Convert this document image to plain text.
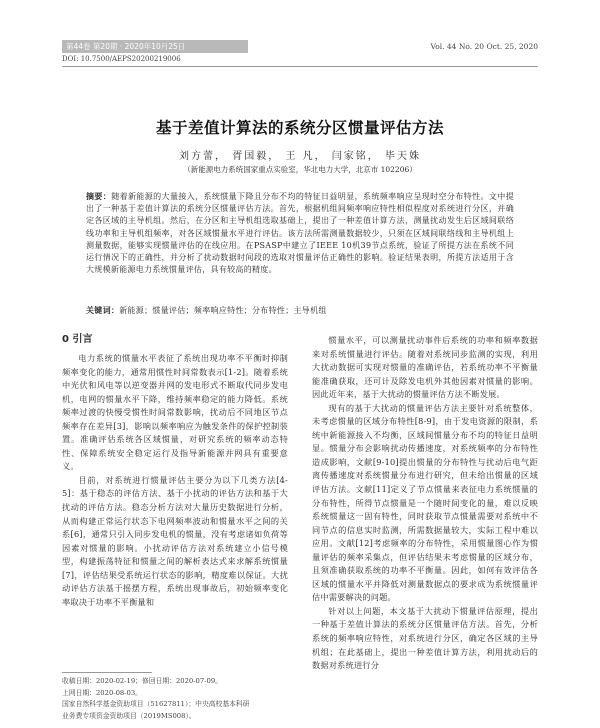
第44卷 第20期 · 2020年10月25日	Vol. 44 No. 20 Oct. 25, 2020
DOI: 10.7500/AEPS20200219006
基于差值计算法的系统分区惯量评估方法
刘方蕾， 胥国毅， 王 凡， 闫家铭， 毕天姝
（新能源电力系统国家重点实验室，华北电力大学，北京市 102206）
摘要：随着新能源的大量接入，系统惯量下降且分布不均的特征日益明显，系统频率响应呈现时空分布特性。文中提出了一种基于差值计算法的系统分区惯量评估方法。首先，根据机组间频率响应特性相似程度对系统进行分区，并确定各区域的主导机组。然后，在分区和主导机组选取基础上，提出了一种差值计算方法，测量扰动发生后区域间联络线功率和主导机组频率，对各区域惯量水平进行评估。该方法所需测量数据较少，只须在区域间联络线和主导机组上测量数据，能够实现惯量评估的在线应用。在PSASP中建立了IEEE 10机39节点系统，验证了所提方法在系统不同运行情况下的正确性，并分析了扰动数据时间段的选取对惯量评估正确性的影响。验证结果表明，所提方法适用于含大规模新能源电力系统惯量评估，具有较高的精度。
关键词：新能源；惯量评估；频率响应特性；分布特性；主导机组
0 引言

电力系统的惯量水平表征了系统出现功率不平衡时抑制频率变化的能力，通常用惯性时间常数表示[1-2]。随着系统中光伏和风电等以逆变器并网的发电形式不断取代同步发电机，电网的惯量水平下降，维持频率稳定的能力降低。系统频率过渡的快慢受惯性时间常数影响，扰动后不同地区节点频率存在差异[3]，影响以频率响应为触发条件的保护控制装置。准确评估系统各区域惯量，对研究系统的频率动态特性、保障系统安全稳定运行及指导新能源并网具有重要意义。

目前，对系统进行惯量评估主要分为以下几类方法[4-5]：基于稳态的评估方法、基于小扰动的评估方法和基于大扰动的评估方法。稳态分析方法对大量历史数据进行分析，从而构建正常运行状态下电网频率波动和惯量水平之间的关系[6]，通常只引入同步发电机的惯量，没有考虑诸如负荷等因素对惯量的影响。小扰动评估方法对系统建立小信号模型，构建振荡特征和惯量之间的解析表达式来求解系统惯量[7]，评估结果受系统运行状态的影响，精度难以保证。大扰动评估方法基于摇摆方程，系统出现事故后，初始频率变化率取决于功率不平衡量和

惯量水平，可以测量扰动事件后系统的功率和频率数据来对系统惯量进行评估。随着对系统同步监测的实现，利用大扰动数据可实现对惯量的准确评估，若系统功率不平衡量能准确获取，还可计及除发电机外其他因素对惯量的影响。因此近年来，基于大扰动的惯量评估方法不断发展。

现有的基于大扰动的惯量评估方法主要针对系统整体，未考虑惯量的区域分布特性[8-9]，由于发电资源的限制，系统中新能源接入不均衡，区域间惯量分布不均的特征日益明显。惯量分布会影响扰动传播速度，对系统频率的分布特性造成影响，文献[9-10]提出惯量的分布特性与扰动后电气距离传播速度对系统惯量分布进行研究，但未给出惯量的区域评估方法。文献[11]定义了节点惯量来表征电力系统惯量的分布特性，所得节点惯量是一个随时间变化的量，难以反映系统惯量这一固有特性，同时获取节点惯量需要对系统中不同节点的信息实时监测，所需数据量较大，实际工程中难以应用。文献[12]考虑频率的分布特性，采用惯量图心作为惯量评估的频率采集点，但评估结果未考虑惯量的区域分布，且须准确获取系统的功率不平衡量。因此，如何有效评估各区域的惯量水平并降低对测量数据点的要求成为系统惯量评估中需要解决的问题。

针对以上问题，本文基于大扰动下惯量评估原理，提出一种基于差值计算法的系统分区惯量评估方法。首先，分析系统的频率响应特性，对系统进行分区，确定各区域的主导机组；在此基础上，提出一种差值计算方法，利用扰动后的数据对系统进行分

收稿日期：2020-02-19；修回日期：2020-07-09。
上网日期：2020-08-03。
国家自然科学基金资助项目（51627811）；中央高校基本科研
业务费专项资金资助项目（2019MS008）。
